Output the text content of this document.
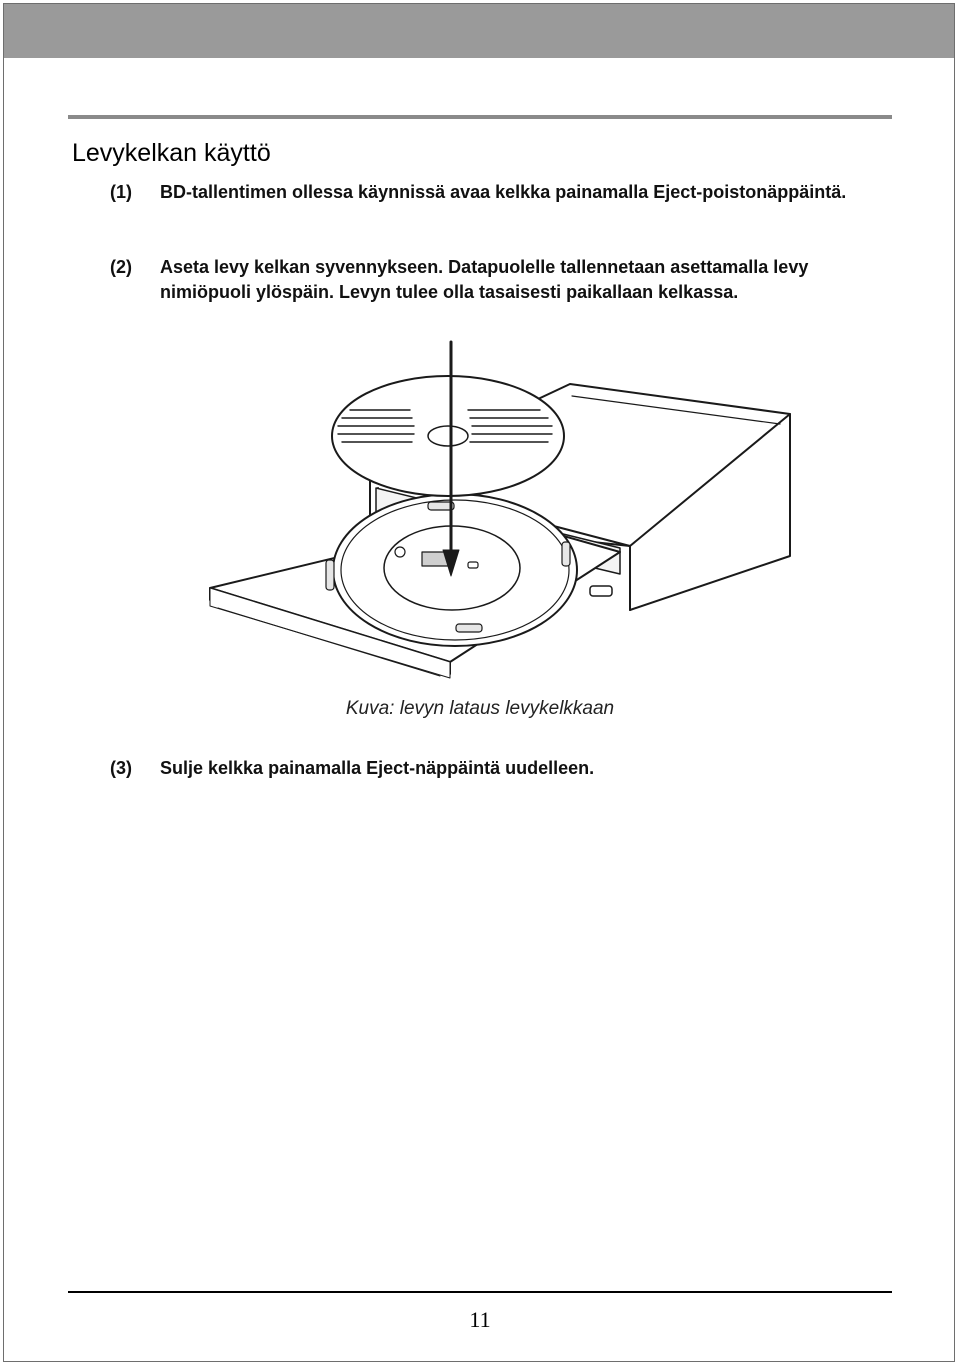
Levykelkan käyttö
(1)	BD-tallentimen ollessa käynnissä avaa kelkka painamalla Eject-poistonäppäintä.
(2)	Aseta levy kelkan syvennykseen. Datapuolelle tallennetaan asettamalla levy nimiöpuoli ylöspäin. Levyn tulee olla tasaisesti paikallaan kelkassa.
Kuva: levyn lataus levykelkkaan
(3)	Sulje kelkka painamalla Eject-näppäintä uudelleen.
11
